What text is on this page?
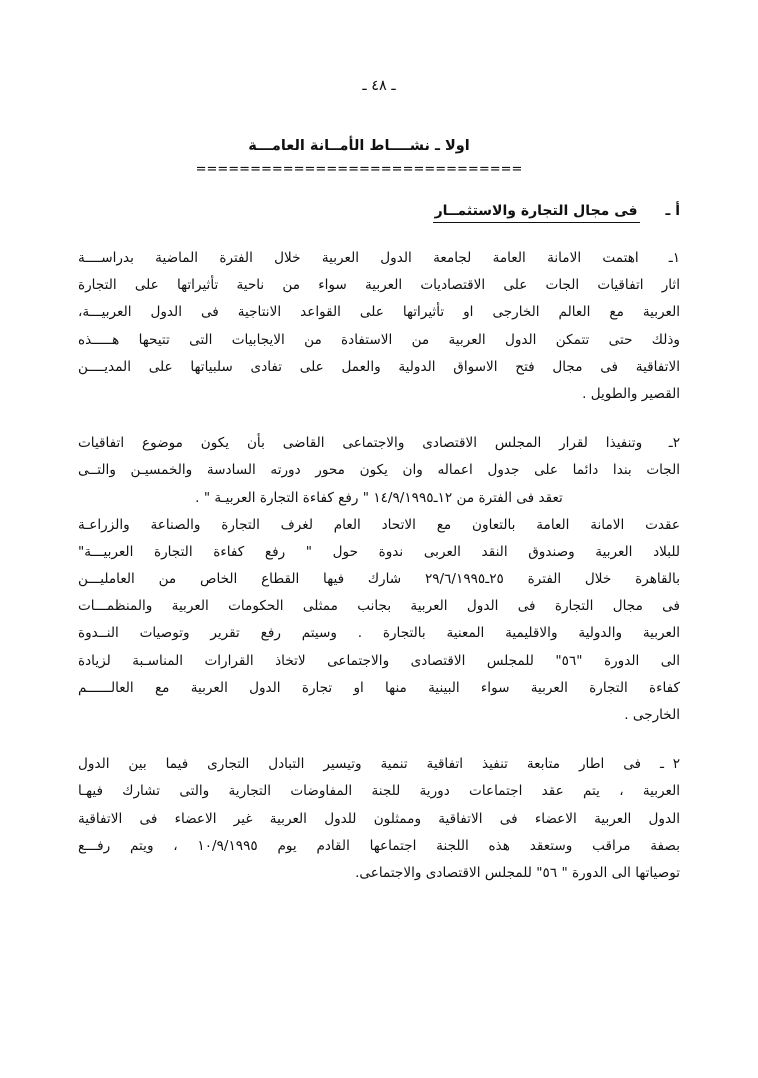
ـ ٤٨ ـ
اولا ـ نشــــاط الأمــانة العامـــة
==============================
أ ـ
فى مجال التجارة والاستثمــار
١ـ اهتمت الامانة العامة لجامعة الدول العربية خلال الفترة الماضية بدراســــة
اثار اتفاقيات الجات على الاقتصاديات العربية سواء من ناحية تأثيراتها على التجارة
العربية مع العالم الخارجى او تأثيراتها على القواعد الانتاجية فى الدول العربيـــة،
وذلك حتى تتمكن الدول العربية من الاستفادة من الايجابيات التى تتيحها هـــــذه
الاتفاقية فى مجال فتح الاسواق الدولية والعمل على تفادى سلبياتها على المديــــن
القصير والطويل .
٢ـ وتنفيذا لقرار المجلس الاقتصادى والاجتماعى القاضى بأن يكون موضوع اتفاقيات
الجات بندا دائما على جدول اعماله وان يكون محور دورته السادسة والخمسيـن والتــى
تعقد فى الفترة من ١٢ـ١٤/٩/١٩٩٥ " رفع كفاءة التجارة العربيـة " .
عقدت الامانة العامة بالتعاون مع الاتحاد العام لغرف التجارة والصناعة والزراعـة
للبلاد العربية وصندوق النقد العربى ندوة حول " رفع كفاءة التجارة العربيـــة"
بالقاهرة خلال الفترة ٢٥ـ٢٩/٦/١٩٩٥ شارك فيها القطاع الخاص من العامليـــن
فى مجال التجارة فى الدول العربية بجانب ممثلى الحكومات العربية والمنظمـــات
العربية والدولية والاقليمية المعنية بالتجارة . وسيتم رفع تقرير وتوصيات النــدوة
الى الدورة "٥٦" للمجلس الاقتصادى والاجتماعى لاتخاذ القرارات المناسـبة لزيادة
كفاءة التجارة العربية سواء البينية منها او تجارة الدول العربية مع العالــــــم
الخارجى .
٢ ـ فى اطار متابعة تنفيذ اتفاقية تنمية وتيسير التبادل التجارى فيما بين الدول
العربية ، يتم عقد اجتماعات دورية للجنة المفاوضات التجارية والتى تشارك فيهـا
الدول العربية الاعضاء فى الاتفاقية وممثلون للدول العربية غير الاعضاء فى الاتفاقية
بصفة مراقب وستعقد هذه اللجنة اجتماعها القادم يوم ١٠/٩/١٩٩٥ ، ويتم رفـــع
توصياتها الى الدورة " ٥٦" للمجلس الاقتصادى والاجتماعى.
